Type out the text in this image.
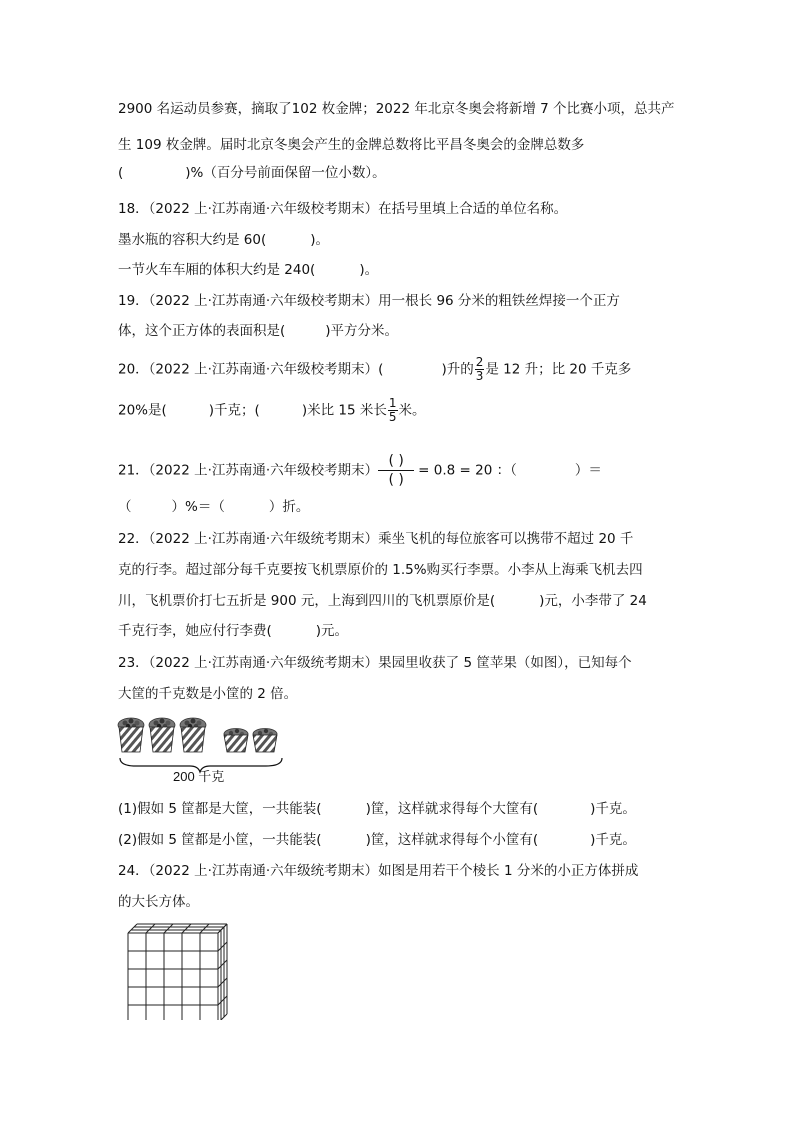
2900 名运动员参赛，摘取了102 枚金牌；2022 年北京冬奥会将新增 7 个比赛小项，总共产
生 109 枚金牌。届时北京冬奥会产生的金牌总数将比平昌冬奥会的金牌总数多
(	)%（百分号前面保留一位小数）。
18．（2022 上·江苏南通·六年级校考期末）在括号里填上合适的单位名称。
墨水瓶的容积大约是 60(	)。
一节火车车厢的体积大约是 240(	)。
19．（2022 上·江苏南通·六年级校考期末）用一根长 96 分米的粗铁丝焊接一个正方
体，这个正方体的表面积是(	)平方分米。
20．（2022 上·江苏南通·六年级校考期末）(	)升的 $\frac{2}{3}$ 是 12 升；比 20 千克多
20%是(	)千克；(	)米比 15 米长 $\frac{1}{5}$ 米。
21．（2022 上·江苏南通·六年级校考期末）
( )
( )
= 0.8 = 20 ：（	）＝
（	）%＝（	）折。
22．（2022 上·江苏南通·六年级统考期末）乘坐飞机的每位旅客可以携带不超过 20 千
克的行李。超过部分每千克要按飞机票原价的 1.5%购买行李票。小李从上海乘飞机去四
川，飞机票价打七五折是 900 元，上海到四川的飞机票原价是(	)元，小李带了 24
千克行李，她应付行李费(	)元。
23．（2022 上·江苏南通·六年级统考期末）果园里收获了 5 筐苹果（如图），已知每个
大筐的千克数是小筐的 2 倍。
200 千克
(1)假如 5 筐都是大筐，一共能装(	)筐，这样就求得每个大筐有(	)千克。
(2)假如 5 筐都是小筐，一共能装(	)筐，这样就求得每个小筐有(	)千克。
24．（2022 上·江苏南通·六年级统考期末）如图是用若干个棱长 1 分米的小正方体拼成
的大长方体。
